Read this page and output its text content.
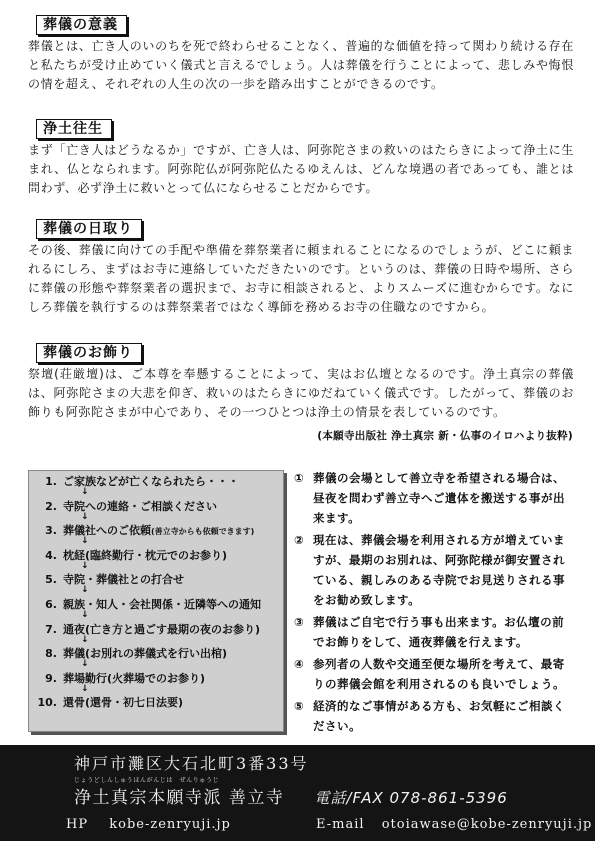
葬儀の意義

葬儀とは、亡き人のいのちを死で終わらせることなく、普遍的な価値を持って関わり続ける存在と私たちが受け止めていく儀式と言えるでしょう。人は葬儀を行うことによって、悲しみや悔恨の情を超え、それぞれの人生の次の一歩を踏み出すことができるのです。

浄土往生

まず「亡き人はどうなるか」ですが、亡き人は、阿弥陀さまの救いのはたらきによって浄土に生まれ、仏となられます。阿弥陀仏が阿弥陀仏たるゆえんは、どんな境遇の者であっても、誰とは問わず、必ず浄土に救いとって仏にならせることだからです。

葬儀の日取り

その後、葬儀に向けての手配や準備を葬祭業者に頼まれることになるのでしょうが、どこに頼まれるにしろ、まずはお寺に連絡していただきたいのです。というのは、葬儀の日時や場所、さらに葬儀の形態や葬祭業者の選択まで、お寺に相談されると、よりスムーズに進むからです。なにしろ葬儀を執行するのは葬祭業者ではなく導師を務めるお寺の住職なのですから。

葬儀のお飾り

祭壇(荘厳壇)は、ご本尊を奉懸することによって、実はお仏壇となるのです。浄土真宗の葬儀は、阿弥陀さまの大悲を仰ぎ、救いのはたらきにゆだねていく儀式です。したがって、葬儀のお飾りも阿弥陀さまが中心であり、その一つひとつは浄土の情景を表しているのです。

(本願寺出版社 浄土真宗 新・仏事のイロハより抜粋)
1. ご家族などが亡くなられたら・・・
↓
2. 寺院への連絡・ご相談ください
↓
3. 葬儀社へのご依頼(善立寺からも依頼できます)
↓
4. 枕経(臨終勤行・枕元でのお参り)
↓
5. 寺院・葬儀社との打合せ
↓
6. 親族・知人・会社関係・近隣等への通知
↓
7. 通夜(亡き方と過ごす最期の夜のお参り)
↓
8. 葬儀(お別れの葬儀式を行い出棺)
↓
9. 葬場勤行(火葬場でのお参り)
↓
10. 還骨(還骨・初七日法要)
① 葬儀の会場として善立寺を希望される場合は、昼夜を問わず善立寺へご遺体を搬送する事が出来ます。
② 現在は、葬儀会場を利用される方が増えていますが、最期のお別れは、阿弥陀様が御安置されている、親しみのある寺院でお見送りされる事をお勧め致します。
③ 葬儀はご自宅で行う事も出来ます。お仏壇の前でお飾りをして、通夜葬儀を行えます。
④ 参列者の人数や交通至便な場所を考えて、最寄りの葬儀会館を利用されるのも良いでしょう。
⑤ 経済的なご事情がある方も、お気軽にご相談ください。
神戸市灘区大石北町3番33号
じょうどしんしゅうほんがんじは　ぜんりゅうじ
浄土真宗本願寺派 善立寺 電話/FAX 078-861-5396
HP kobe-zenryuji.jp	E-mail otoiawase@kobe-zenryuji.jp
